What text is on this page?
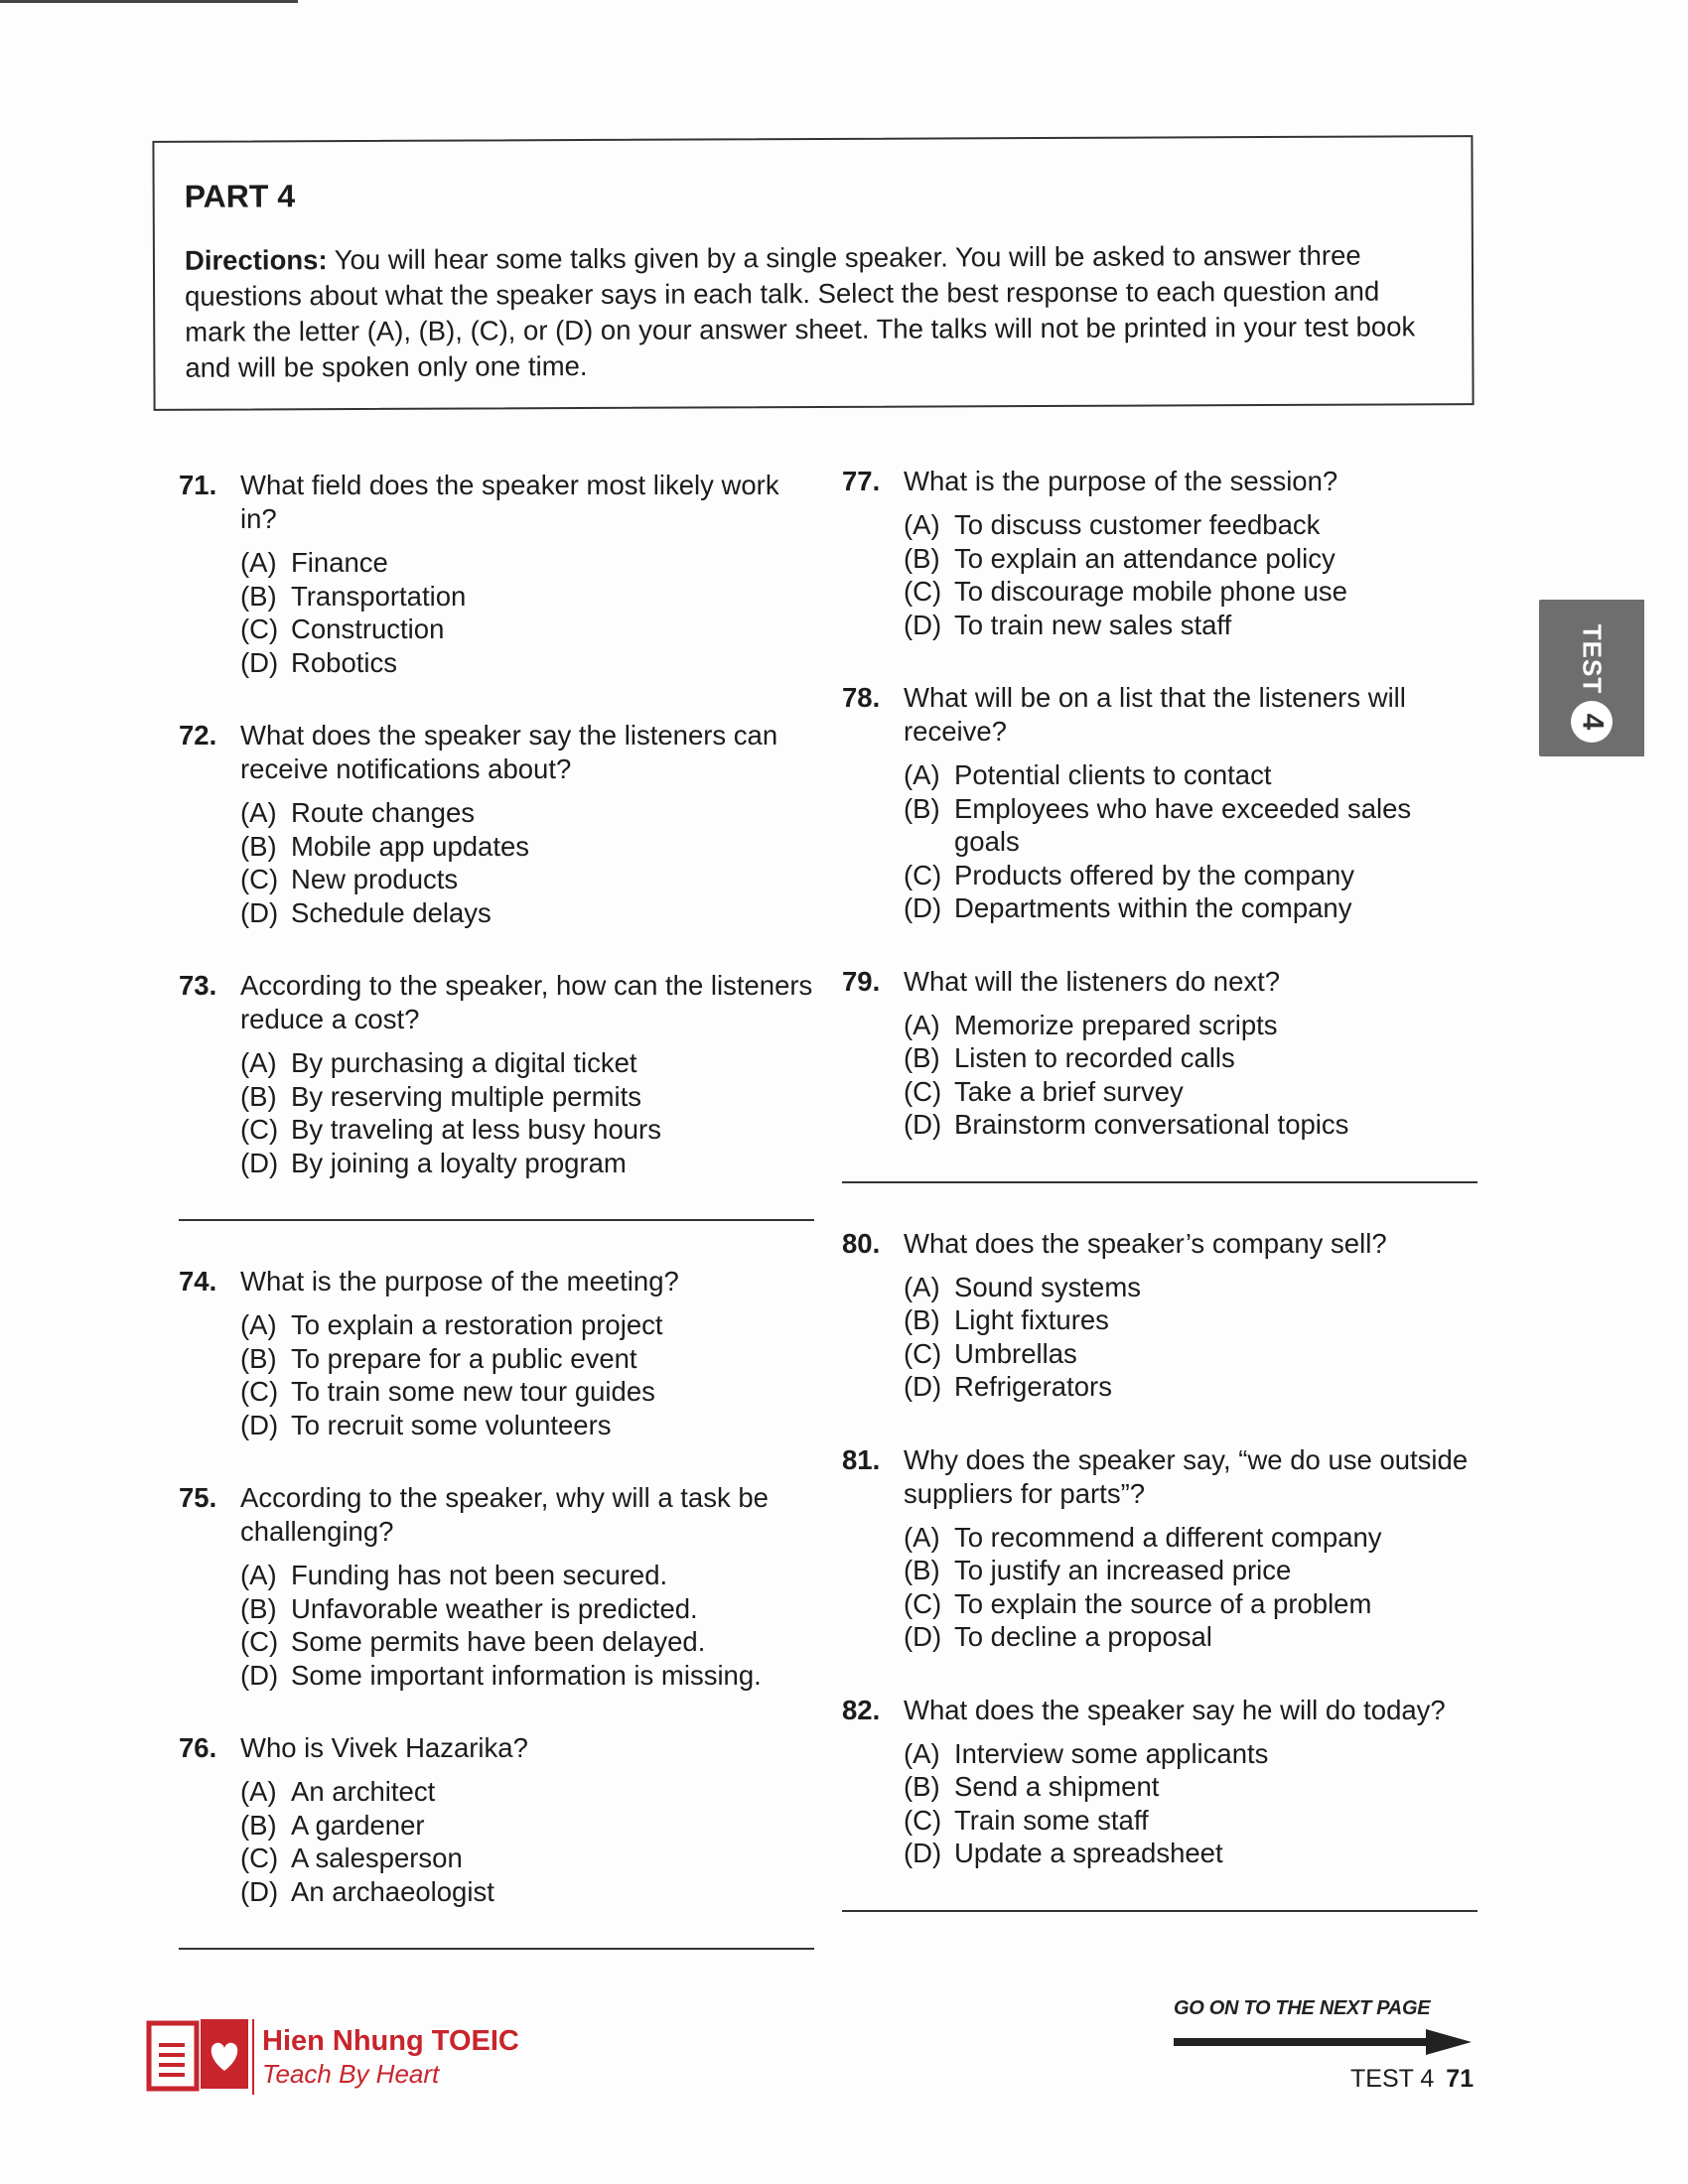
PART 4

Directions: You will hear some talks given by a single speaker. You will be asked to answer three questions about what the speaker says in each talk. Select the best response to each question and mark the letter (A), (B), (C), or (D) on your answer sheet. The talks will not be printed in your test book and will be spoken only one time.

TEST
4
71. What field does the speaker most likely work in?
(A) Finance
(B) Transportation
(C) Construction
(D) Robotics
72. What does the speaker say the listeners can receive notifications about?
(A) Route changes
(B) Mobile app updates
(C) New products
(D) Schedule delays
73. According to the speaker, how can the listeners reduce a cost?
(A) By purchasing a digital ticket
(B) By reserving multiple permits
(C) By traveling at less busy hours
(D) By joining a loyalty program
74. What is the purpose of the meeting?
(A) To explain a restoration project
(B) To prepare for a public event
(C) To train some new tour guides
(D) To recruit some volunteers
75. According to the speaker, why will a task be challenging?
(A) Funding has not been secured.
(B) Unfavorable weather is predicted.
(C) Some permits have been delayed.
(D) Some important information is missing.
76. Who is Vivek Hazarika?
(A) An architect
(B) A gardener
(C) A salesperson
(D) An archaeologist
77. What is the purpose of the session?
(A) To discuss customer feedback
(B) To explain an attendance policy
(C) To discourage mobile phone use
(D) To train new sales staff
78. What will be on a list that the listeners will receive?
(A) Potential clients to contact
(B) Employees who have exceeded sales goals
(C) Products offered by the company
(D) Departments within the company
79. What will the listeners do next?
(A) Memorize prepared scripts
(B) Listen to recorded calls
(C) Take a brief survey
(D) Brainstorm conversational topics
80. What does the speaker’s company sell?
(A) Sound systems
(B) Light fixtures
(C) Umbrellas
(D) Refrigerators
81. Why does the speaker say, “we do use outside suppliers for parts”?
(A) To recommend a different company
(B) To justify an increased price
(C) To explain the source of a problem
(D) To decline a proposal
82. What does the speaker say he will do today?
(A) Interview some applicants
(B) Send a shipment
(C) Train some staff
(D) Update a spreadsheet
Hien Nhung TOEIC
Teach By Heart
GO ON TO THE NEXT PAGE
TEST 4 71
